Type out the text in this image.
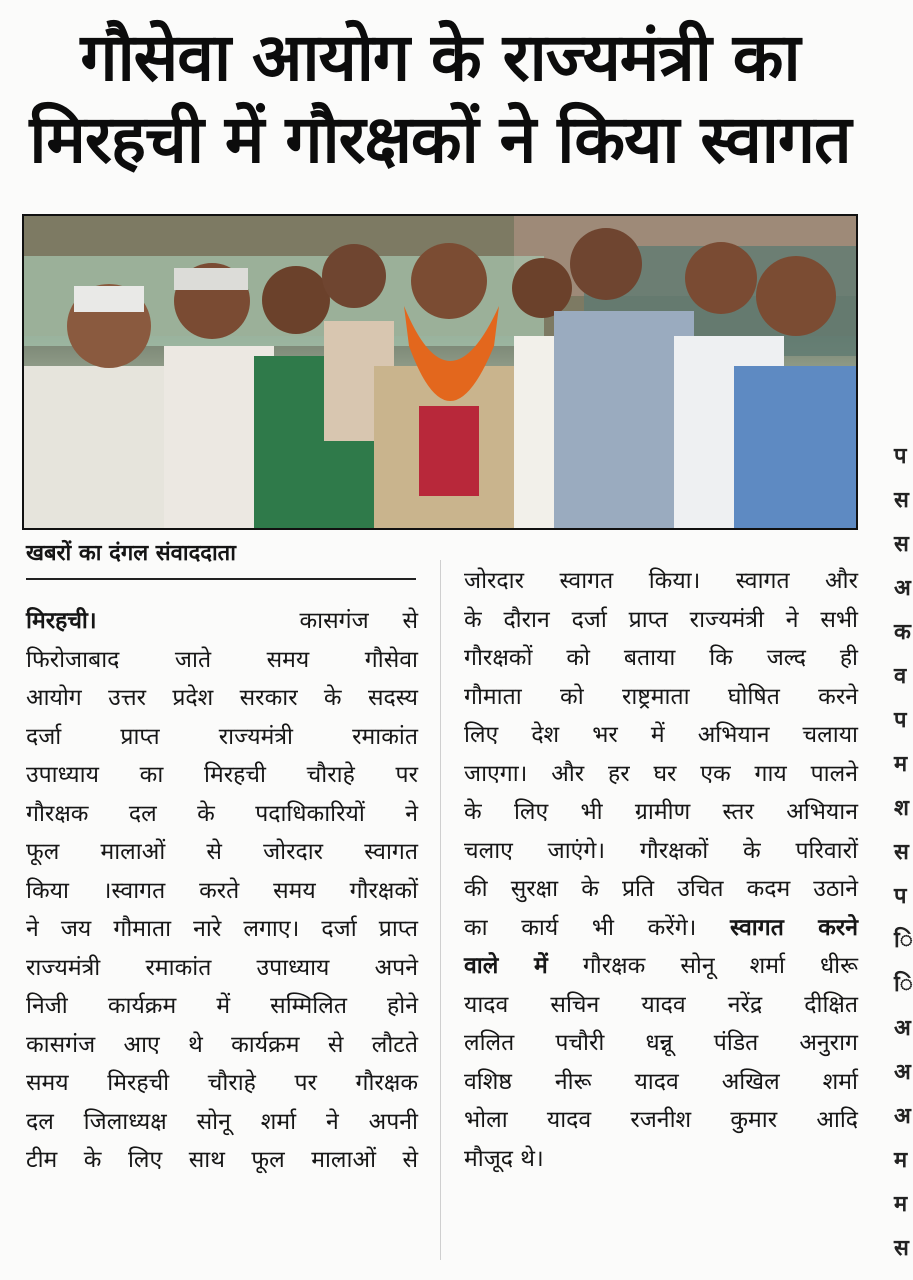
गौसेवा आयोग के राज्यमंत्री का
मिरहची में गौरक्षकों ने किया स्वागत
खबरों का दंगल संवाददाता
मिरहची।	कासगंज से
फिरोजाबाद जाते समय गौसेवा
आयोग उत्तर प्रदेश सरकार के सदस्य
दर्जा प्राप्त राज्यमंत्री रमाकांत
उपाध्याय का मिरहची चौराहे पर
गौरक्षक दल के पदाधिकारियों ने
फूल मालाओं से जोरदार स्वागत
किया ।स्वागत करते समय गौरक्षकों
ने जय गौमाता नारे लगाए। दर्जा प्राप्त
राज्यमंत्री रमाकांत उपाध्याय अपने
निजी कार्यक्रम में सम्मिलित होने
कासगंज आए थे कार्यक्रम से लौटते
समय मिरहची चौराहे पर गौरक्षक
दल जिलाध्यक्ष सोनू शर्मा ने अपनी
टीम के लिए साथ फूल मालाओं से
जोरदार स्वागत किया। स्वागत और
के दौरान दर्जा प्राप्त राज्यमंत्री ने सभी
गौरक्षकों को बताया कि जल्द ही
गौमाता को राष्ट्रमाता घोषित करने
लिए देश भर में अभियान चलाया
जाएगा। और हर घर एक गाय पालने
के लिए भी ग्रामीण स्तर अभियान
चलाए जाएंगे। गौरक्षकों के परिवारों
की सुरक्षा के प्रति उचित कदम उठाने
का कार्य भी करेंगे। स्वागत करने
वाले में गौरक्षक सोनू शर्मा धीरू
यादव सचिन यादव नरेंद्र दीक्षित
ललित पचौरी धन्नू पंडित अनुराग
वशिष्ठ नीरू यादव अखिल शर्मा
भोला यादव रजनीश कुमार आदि
मौजूद थे।
प
स
स
अ
क
व
प
म
श
स
प
ि
ि
अ
अ
अ
म
म
स
